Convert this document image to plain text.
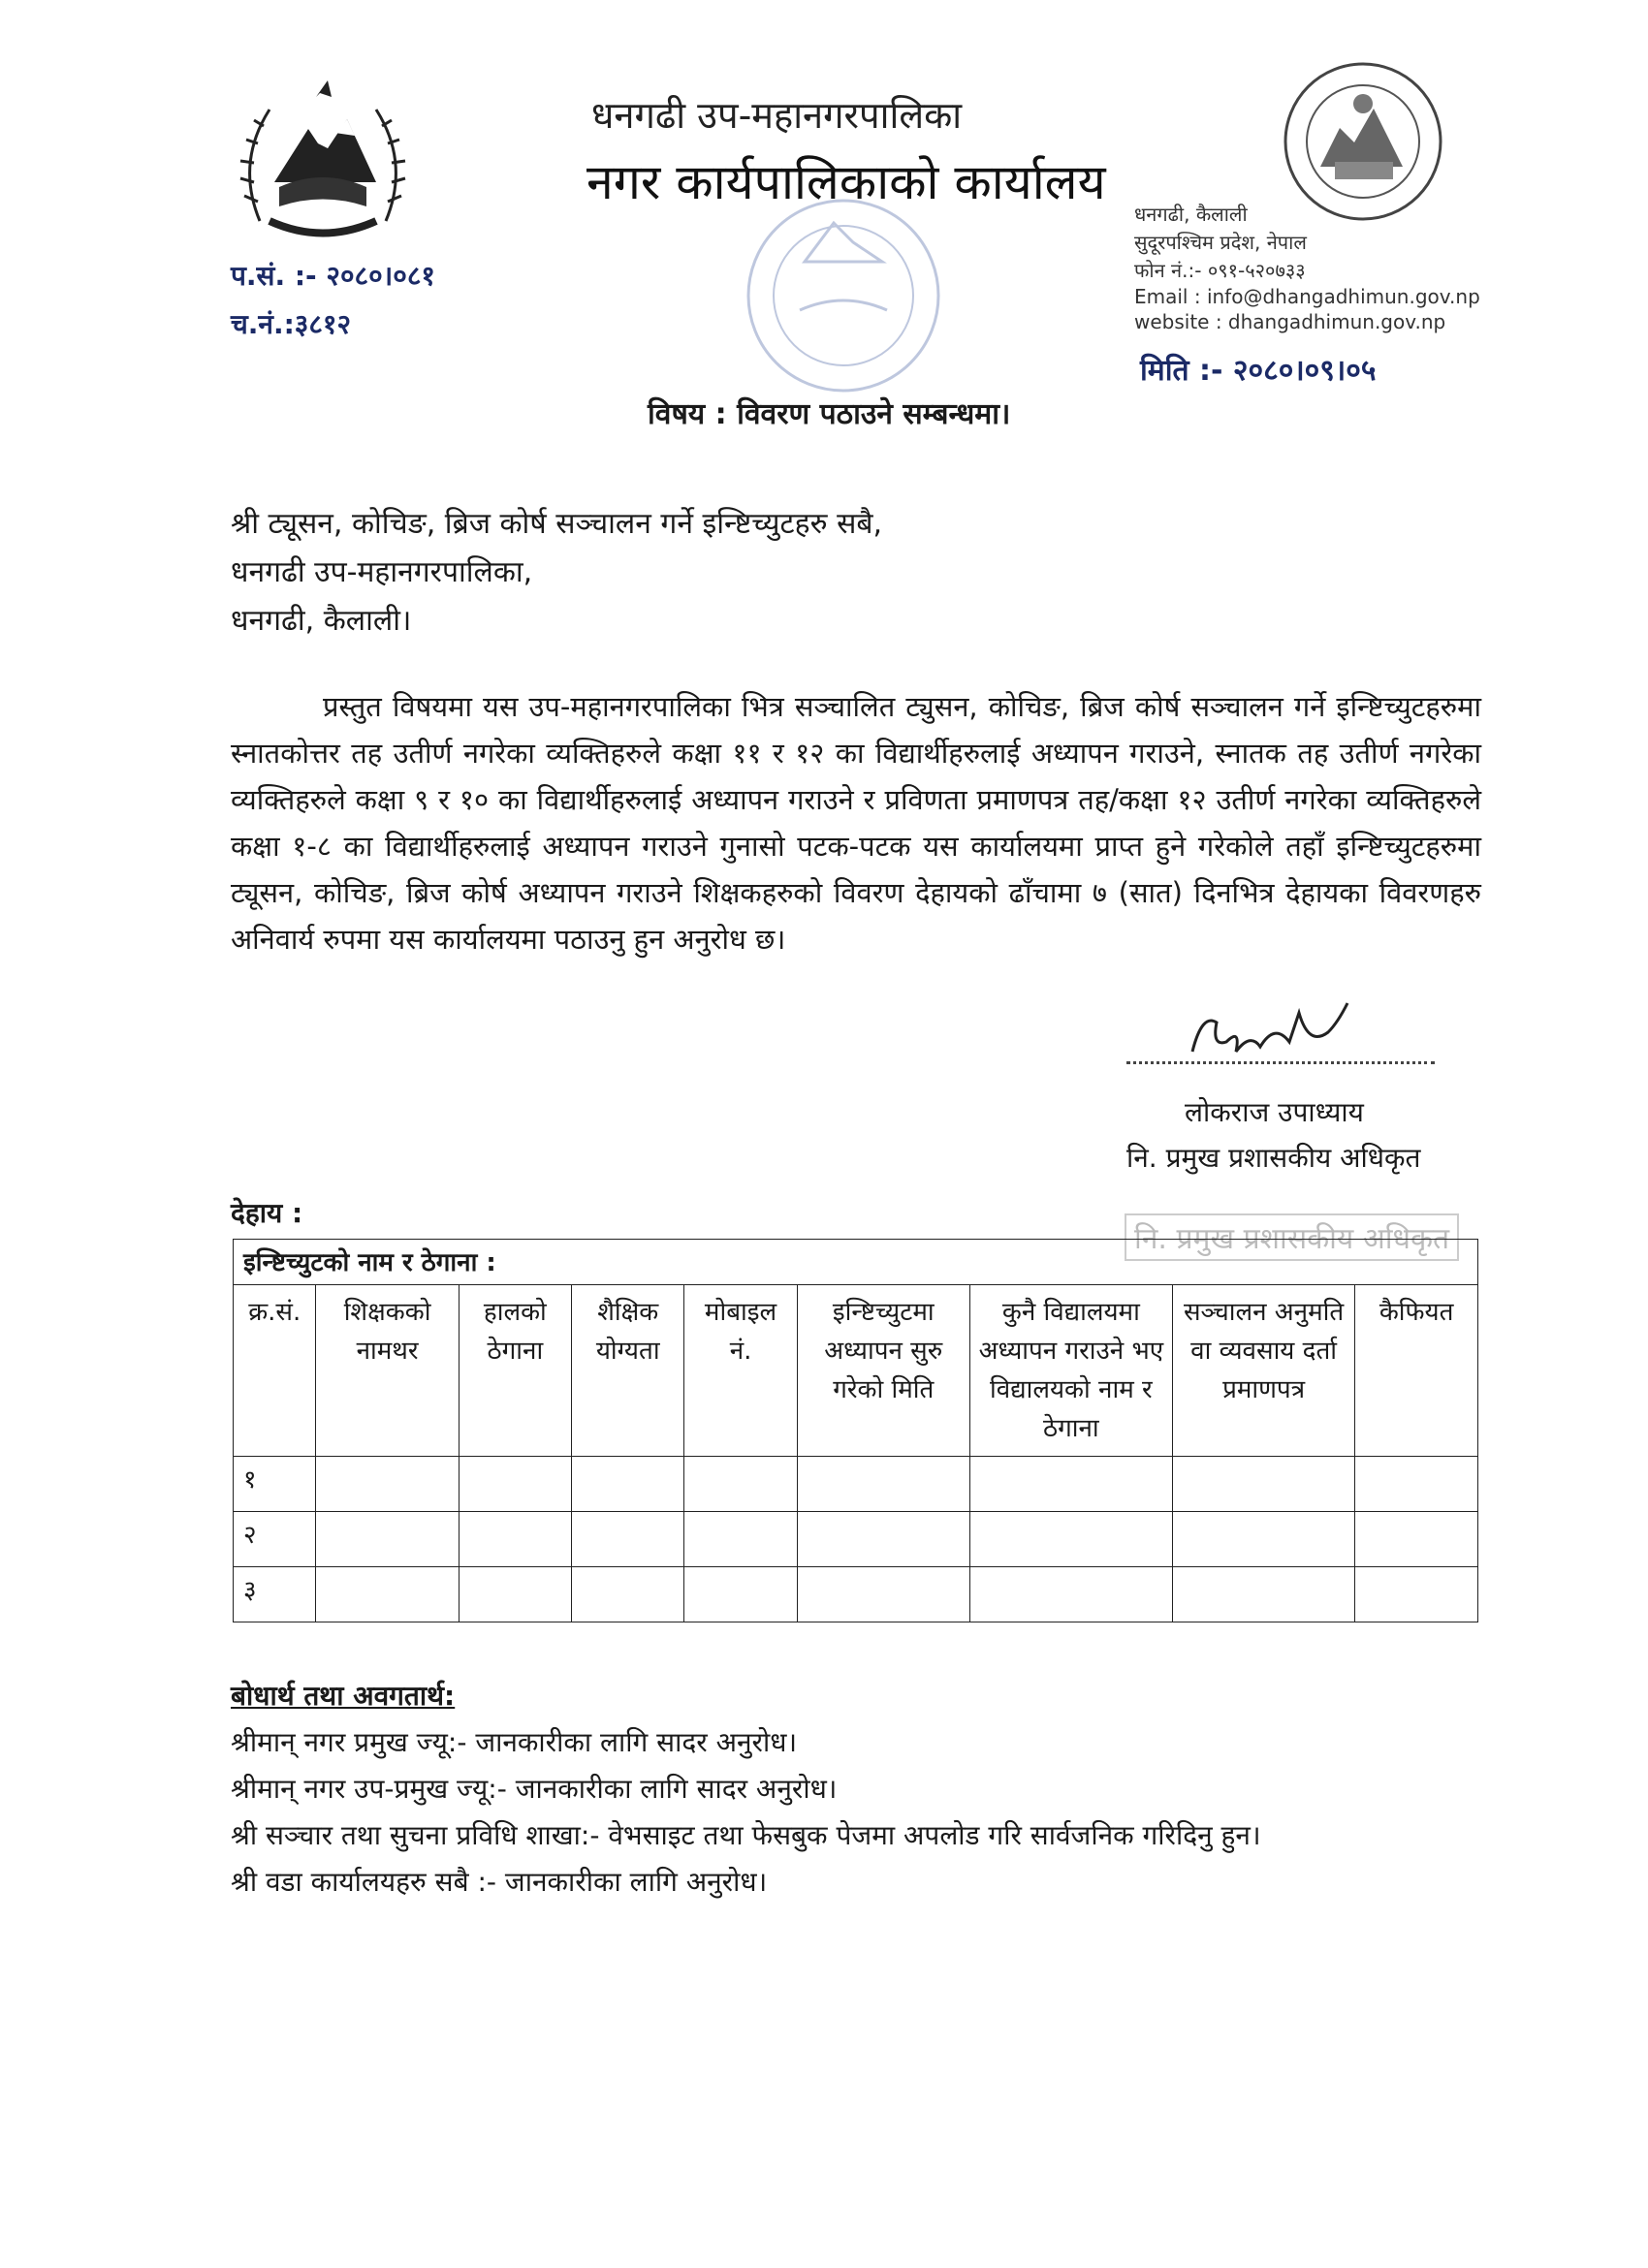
धनगढी उप-महानगरपालिका
नगर कार्यपालिकाको कार्यालय
प.सं. :- २०८०।०८१
च.नं.:३८१२
धनगढी, कैलाली
सुदूरपश्चिम प्रदेश, नेपाल
फोन नं.:- ०९१-५२०७३३
Email : info@dhangadhimun.gov.np
website : dhangadhimun.gov.np
मिति :- २०८०।०९।०५
विषय : विवरण पठाउने सम्बन्धमा।
श्री ट्यूसन, कोचिङ, ब्रिज कोर्ष सञ्चालन गर्ने इन्ष्टिच्युटहरु सबै,
धनगढी उप-महानगरपालिका,
धनगढी, कैलाली।
प्रस्तुत विषयमा यस उप-महानगरपालिका भित्र सञ्चालित ट्युसन, कोचिङ, ब्रिज कोर्ष सञ्चालन गर्ने इन्ष्टिच्युटहरुमा स्नातकोत्तर तह उतीर्ण नगरेका व्यक्तिहरुले कक्षा ११ र १२ का विद्यार्थीहरुलाई अध्यापन गराउने, स्नातक तह उतीर्ण नगरेका व्यक्तिहरुले कक्षा ९ र १० का विद्यार्थीहरुलाई अध्यापन गराउने र प्रविणता प्रमाणपत्र तह/कक्षा १२ उतीर्ण नगरेका व्यक्तिहरुले कक्षा १-८ का विद्यार्थीहरुलाई अध्यापन गराउने गुनासो पटक-पटक यस कार्यालयमा प्राप्त हुने गरेकोले तहाँ इन्ष्टिच्युटहरुमा ट्यूसन, कोचिङ, ब्रिज कोर्ष अध्यापन गराउने शिक्षकहरुको विवरण देहायको ढाँचामा ७ (सात) दिनभित्र देहायका विवरणहरु अनिवार्य रुपमा यस कार्यालयमा पठाउनु हुन अनुरोध छ।
लोकराज उपाध्याय
नि. प्रमुख प्रशासकीय अधिकृत
नि. प्रमुख प्रशासकीय अधिकृत
देहाय :
इन्ष्टिच्युटको नाम र ठेगाना :								
क्र.सं.	शिक्षकको नामथर	हालको ठेगाना	शैक्षिक योग्यता	मोबाइल नं.	इन्ष्टिच्युटमा अध्यापन सुरु गरेको मिति	कुनै विद्यालयमा अध्यापन गराउने भए विद्यालयको नाम र ठेगाना	सञ्चालन अनुमति वा व्यवसाय दर्ता प्रमाणपत्र	कैफियत
१								
२								
३								
बोधार्थ तथा अवगतार्थ:
श्रीमान् नगर प्रमुख ज्यू:- जानकारीका लागि सादर अनुरोध।
श्रीमान् नगर उप-प्रमुख ज्यू:- जानकारीका लागि सादर अनुरोध।
श्री सञ्चार तथा सुचना प्रविधि शाखा:- वेभसाइट तथा फेसबुक पेजमा अपलोड गरि सार्वजनिक गरिदिनु हुन।
श्री वडा कार्यालयहरु सबै :- जानकारीका लागि अनुरोध।
